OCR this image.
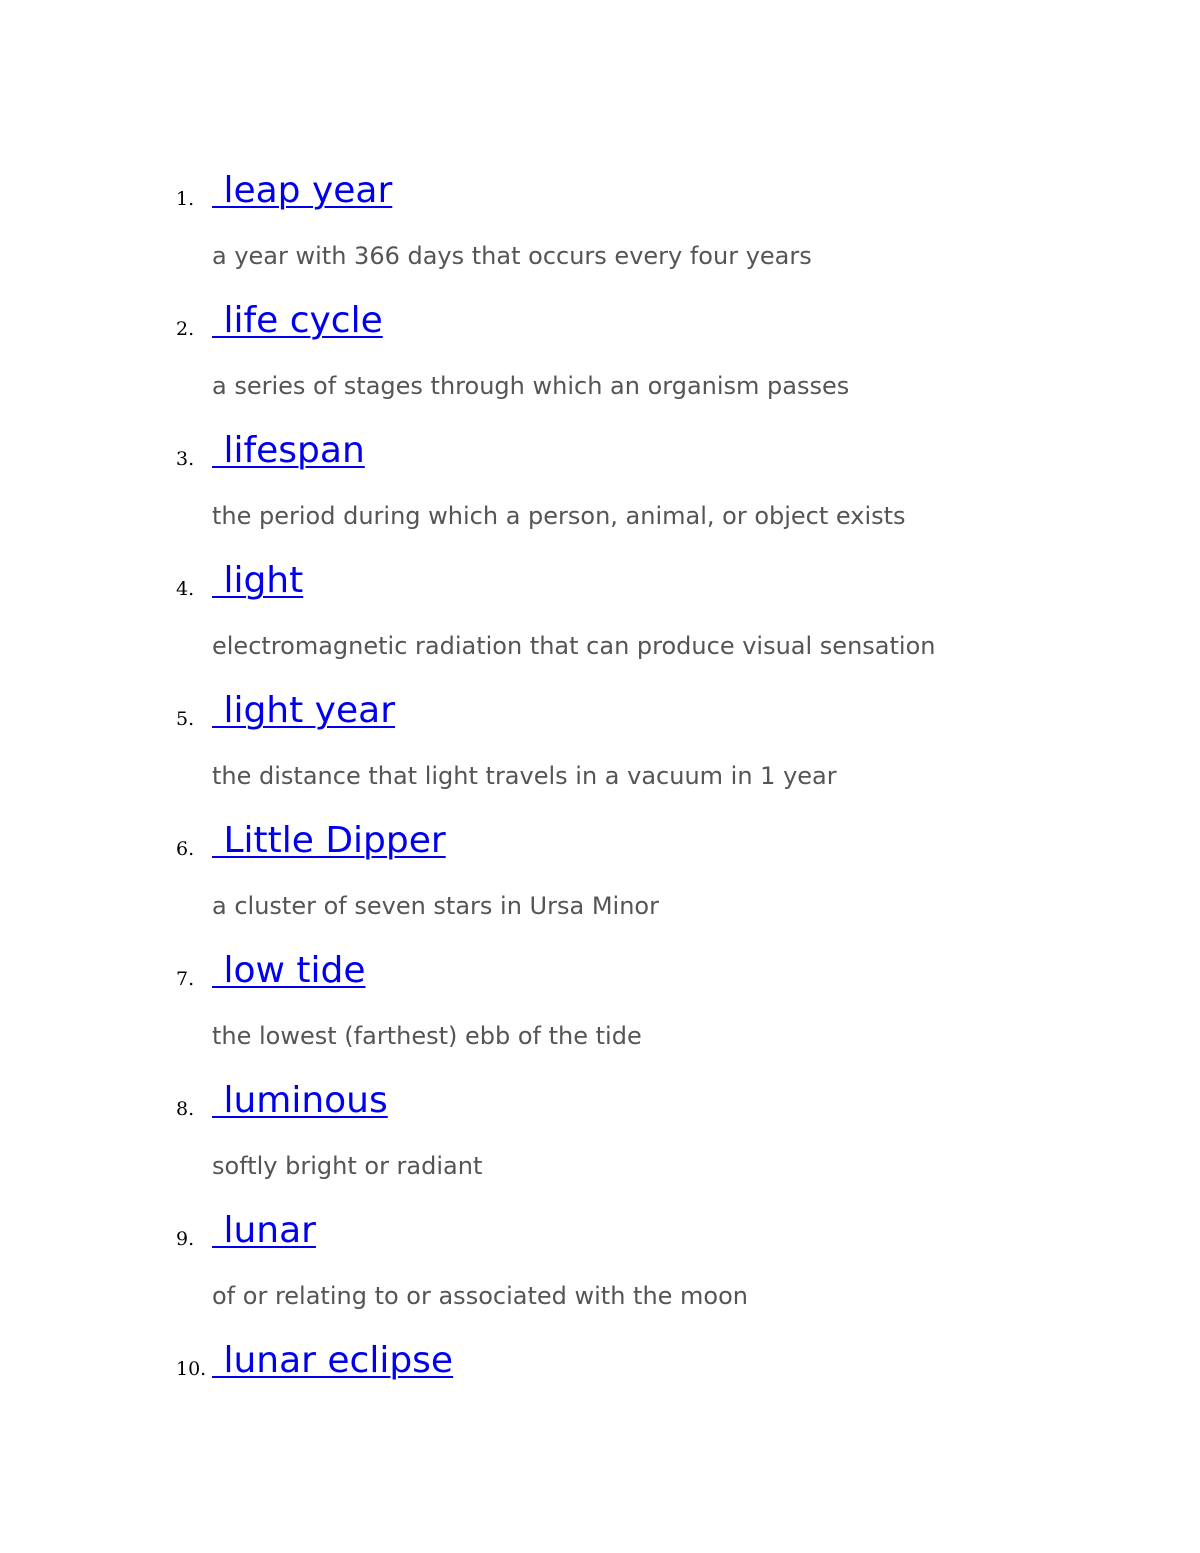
1. leap year
a year with 366 days that occurs every four years
2. life cycle
a series of stages through which an organism passes
3. lifespan
the period during which a person, animal, or object exists
4. light
electromagnetic radiation that can produce visual sensation
5. light year
the distance that light travels in a vacuum in 1 year
6. Little Dipper
a cluster of seven stars in Ursa Minor
7. low tide
the lowest (farthest) ebb of the tide
8. luminous
softly bright or radiant
9. lunar
of or relating to or associated with the moon
10. lunar eclipse
